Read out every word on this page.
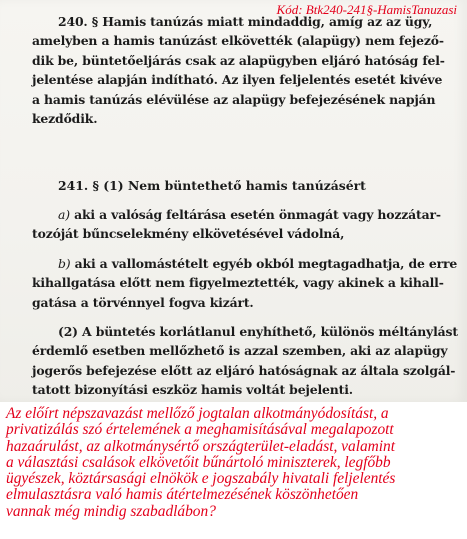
Kód: Btk240-241§-HamisTanuzasi

240. § Hamis tanúzás miatt mindaddig, amíg az az ügy,
amelyben a hamis tanúzást elkövették (alapügy) nem fejező-
dik be, büntetőeljárás csak az alapügyben eljáró hatóság fel-
jelentése alapján indítható. Az ilyen feljelentés esetét kivéve
a hamis tanúzás elévülése az alapügy befejezésének napján
kezdődik.

241. § (1) Nem büntethető hamis tanúzásért

a) aki a valóság feltárása esetén önmagát vagy hozzátar-
tozóját bűncselekmény elkövetésével vádolná,
b) aki a vallomástételt egyéb okból megtagadhatja, de erre
kihallgatása előtt nem figyelmeztették, vagy akinek a kihall-
gatása a törvénnyel fogva kizárt.
(2) A büntetés korlátlanul enyhíthető, különös méltánylást
érdemlő esetben mellőzhető is azzal szemben, aki az alapügy
jogerős befejezése előtt az eljáró hatóságnak az általa szolgál-
tatott bizonyítási eszköz hamis voltát bejelenti.
Az előírt népszavazást mellőző jogtalan alkotmányódosítást, a
privatizálás szó értelemének a meghamisításával megalapozott
hazaárulást, az alkotmánysértő országterület-eladást, valamint
a választási csalások elkövetőit bűnártoló miniszterek, legfőbb
ügyészek, köztársasági elnökök e jogszabály hivatali feljelentés
elmulasztásra való hamis átértelmezésének köszönhetően
vannak még mindig szabadlábon?
